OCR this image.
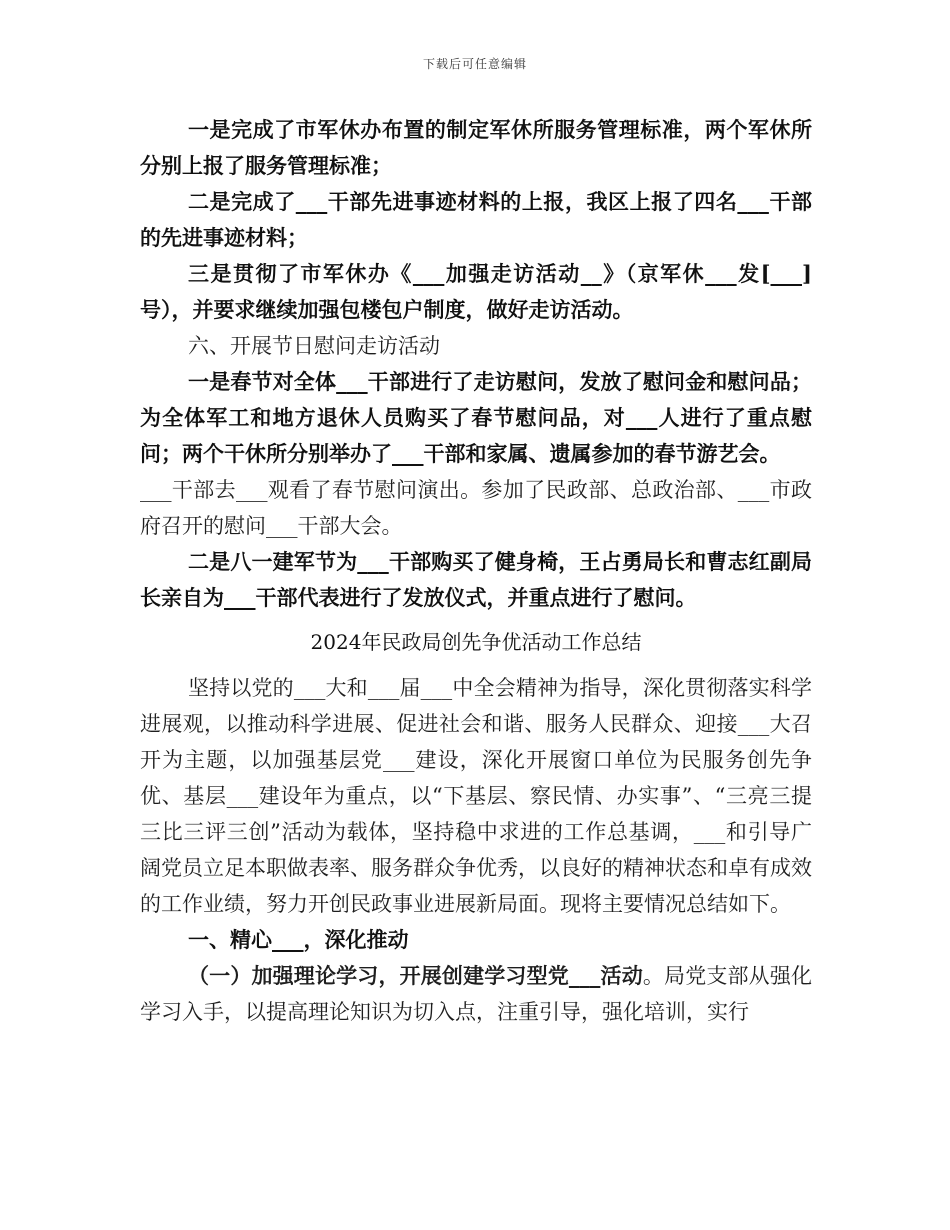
下载后可任意编辑

一是完成了市军休办布置的制定军休所服务管理标准，两个军休所分别上报了服务管理标准；

二是完成了___干部先进事迹材料的上报，我区上报了四名___干部的先进事迹材料；

三是贯彻了市军休办《___加强走访活动__》（京军休___发[___]号），并要求继续加强包楼包户制度，做好走访活动。

六、开展节日慰问走访活动

一是春节对全体___干部进行了走访慰问，发放了慰问金和慰问品；为全体军工和地方退休人员购买了春节慰问品，对___人进行了重点慰问；两个干休所分别举办了___干部和家属、遗属参加的春节游艺会。

___干部去___观看了春节慰问演出。参加了民政部、总政治部、___市政府召开的慰问___干部大会。

二是八一建军节为___干部购买了健身椅，王占勇局长和曹志红副局长亲自为___干部代表进行了发放仪式，并重点进行了慰问。

2024年民政局创先争优活动工作总结

坚持以党的___大和___届___中全会精神为指导，深化贯彻落实科学进展观，以推动科学进展、促进社会和谐、服务人民群众、迎接___大召开为主题，以加强基层党___建设，深化开展窗口单位为民服务创先争优、基层___建设年为重点，以“下基层、察民情、办实事”、“三亮三提三比三评三创”活动为载体，坚持稳中求进的工作总基调，___和引导广阔党员立足本职做表率、服务群众争优秀，以良好的精神状态和卓有成效的工作业绩，努力开创民政事业进展新局面。现将主要情况总结如下。

一、精心___，深化推动

（一）加强理论学习，开展创建学习型党___活动。局党支部从强化学习入手，以提高理论知识为切入点，注重引导，强化培训，实行
